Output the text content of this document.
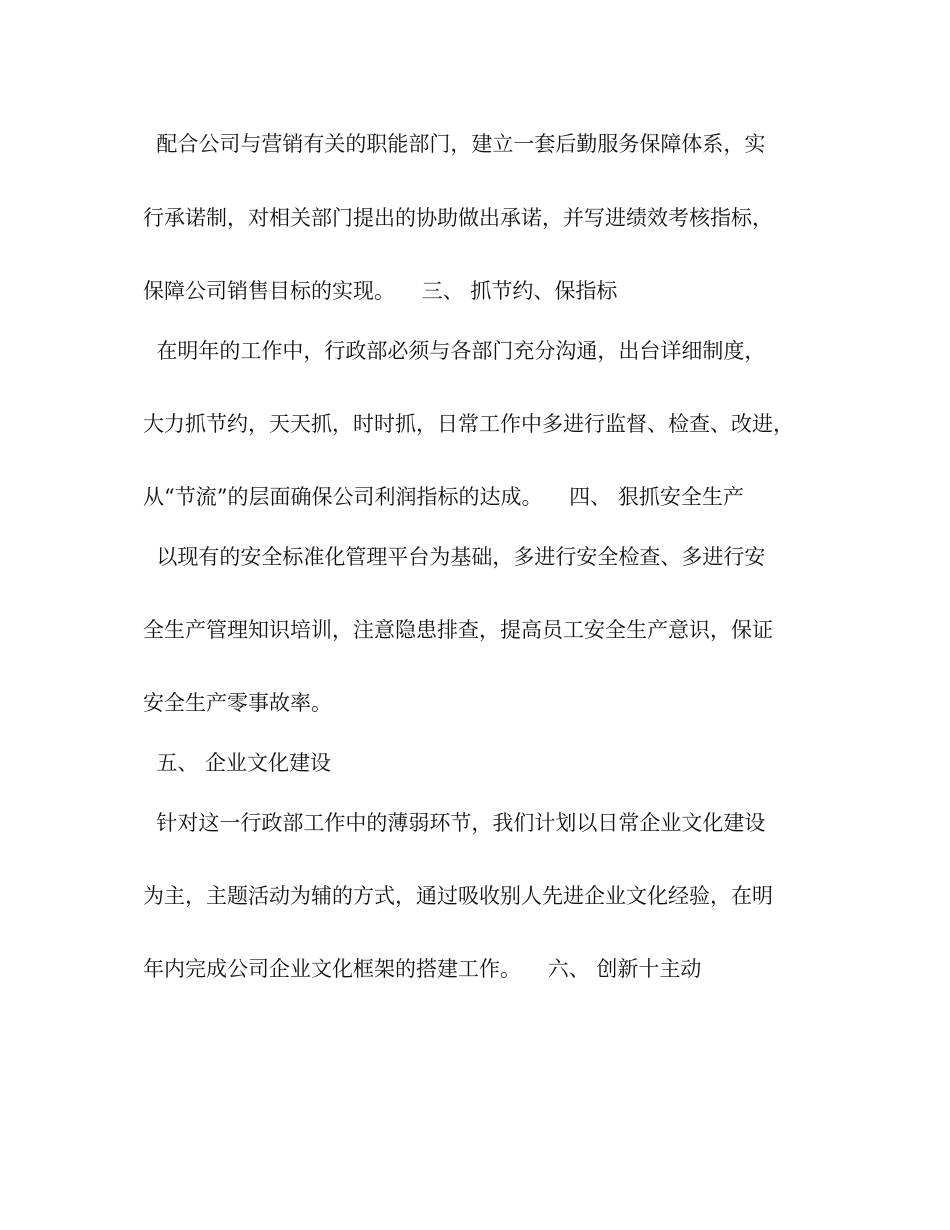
配合公司与营销有关的职能部门，建立一套后勤服务保障体系，实
行承诺制，对相关部门提出的协助做出承诺，并写进绩效考核指标，
保障公司销售目标的实现。    三、 抓节约、保指标
在明年的工作中，行政部必须与各部门充分沟通，出台详细制度，
大力抓节约，天天抓，时时抓，日常工作中多进行监督、检查、改进，
从“节流”的层面确保公司利润指标的达成。    四、 狠抓安全生产
以现有的安全标准化管理平台为基础，多进行安全检查、多进行安
全生产管理知识培训，注意隐患排查，提高员工安全生产意识，保证
安全生产零事故率。
五、 企业文化建设
针对这一行政部工作中的薄弱环节，我们计划以日常企业文化建设
为主，主题活动为辅的方式，通过吸收别人先进企业文化经验，在明
年内完成公司企业文化框架的搭建工作。    六、 创新十主动
